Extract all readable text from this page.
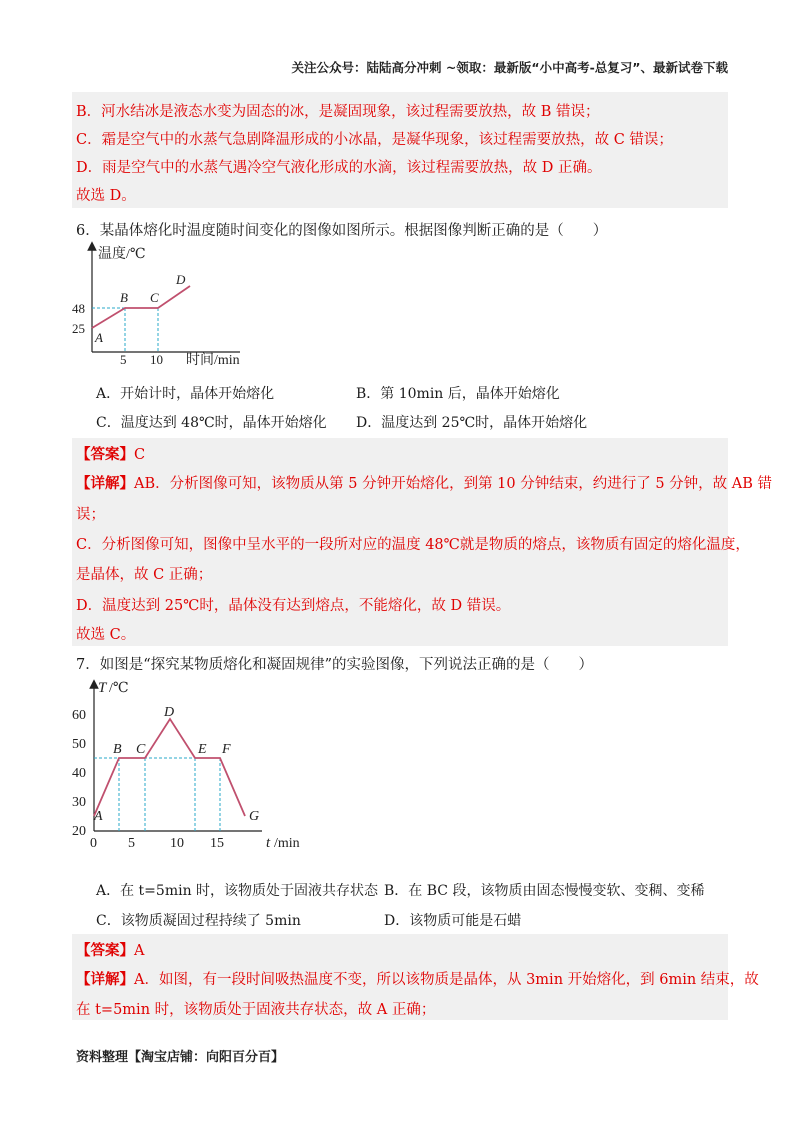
关注公众号：陆陆高分冲刺 ~领取：最新版“小中高考-总复习”、最新试卷下载
B．河水结冰是液态水变为固态的冰，是凝固现象，该过程需要放热，故 B 错误；
C．霜是空气中的水蒸气急剧降温形成的小冰晶，是凝华现象，该过程需要放热，故 C 错误；
D．雨是空气中的水蒸气遇冷空气液化形成的水滴，该过程需要放热，故 D 正确。
故选 D。
6．某晶体熔化时温度随时间变化的图像如图所示。根据图像判断正确的是（　　）
温度/℃
48
25
5 10 时间/min
A
B C
D
A．开始计时，晶体开始熔化	B．第 10min 后，晶体开始熔化
C．温度达到 48℃时，晶体开始熔化 D．温度达到 25℃时，晶体开始熔化
【答案】C
【详解】AB．分析图像可知，该物质从第 5 分钟开始熔化，到第 10 分钟结束，约进行了 5 分钟，故 AB 错
误；
C．分析图像可知，图像中呈水平的一段所对应的温度 48℃就是物质的熔点，该物质有固定的熔化温度，
是晶体，故 C 正确；
D．温度达到 25℃时，晶体没有达到熔点，不能熔化，故 D 错误。
故选 C。
7．如图是“探究某物质熔化和凝固规律”的实验图像，下列说法正确的是（　　）
T /℃
60
50
40
30
20
0 5	10 15	t /min
A
B C
D
E F
G
A．在 t=5min 时，该物质处于固液共存状态 B．在 BC 段，该物质由固态慢慢变软、变稠、变稀
C．该物质凝固过程持续了 5min	D．该物质可能是石蜡
【答案】A
【详解】A．如图，有一段时间吸热温度不变，所以该物质是晶体，从 3min 开始熔化，到 6min 结束，故
在 t=5min 时，该物质处于固液共存状态，故 A 正确；
资料整理【淘宝店铺：向阳百分百】
